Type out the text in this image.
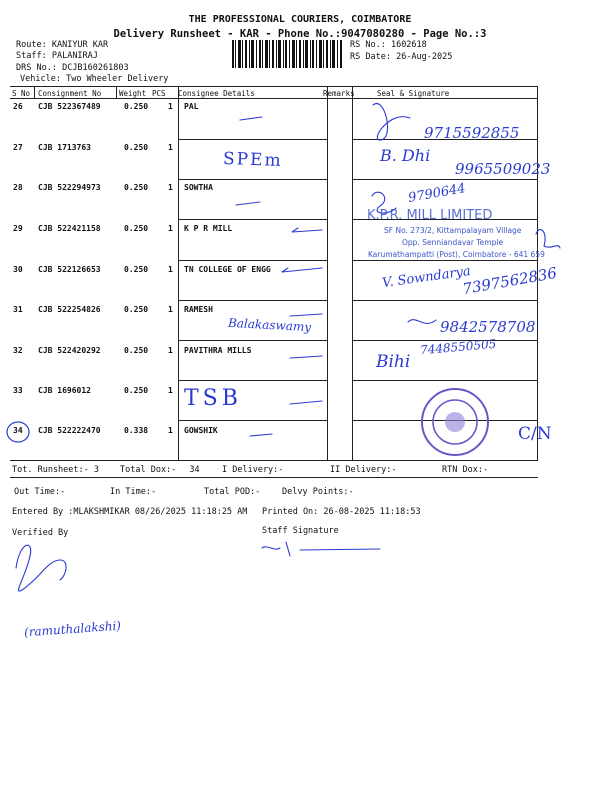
THE PROFESSIONAL COURIERS, COIMBATORE
Delivery Runsheet - KAR - Phone No.:9047080280 - Page No.:3
Route: KANIYUR KAR
Staff: PALANIRAJ
DRS No.: DCJB160261803
Vehicle: Two Wheeler Delivery
RS No.: 1602618
RS Date: 26-Aug-2025
S No Consignment No Weight PCS Consignee Details	Remarks	Seal & Signature
26 CJB 522367489	0.250 1 PAL
27 CJB 1713763	0.250 1
28 CJB 522294973	0.250 1 SOWTHA
29 CJB 522421158	0.250 1 K P R MILL
30 CJB 522126653	0.250 1 TN COLLEGE OF ENGG
31 CJB 522254826	0.250 1 RAMESH
32 CJB 522420292	0.250 1 PAVITHRA MILLS
33 CJB 1696012	0.250 1
34 CJB 522222470	0.338 1 GOWSHIK
SPEm
Balakaswamy
TSB
9715592855
B. Dhi
9965509023
9790644
V. Sowndarya
7397562836
9842578708
Bihi
7448550505
C/N
K.P.R. MILL LIMITED
SF No. 273/2, Kittampalayam Village
Opp. Senniandavar Temple
Karumathampatti (Post), Coimbatore - 641 659
Tot. Runsheet:- 3 Total Dox:- 34	I Delivery:-	II Delivery:-	RTN Dox:-
Out Time:-	In Time:-	Total POD:-	Delvy Points:-
Entered By :MLAKSHMIKAR 08/26/2025 11:18:25 AM Printed On: 26-08-2025 11:18:53
Verified By	Staff Signature
(ramuthalakshi)
